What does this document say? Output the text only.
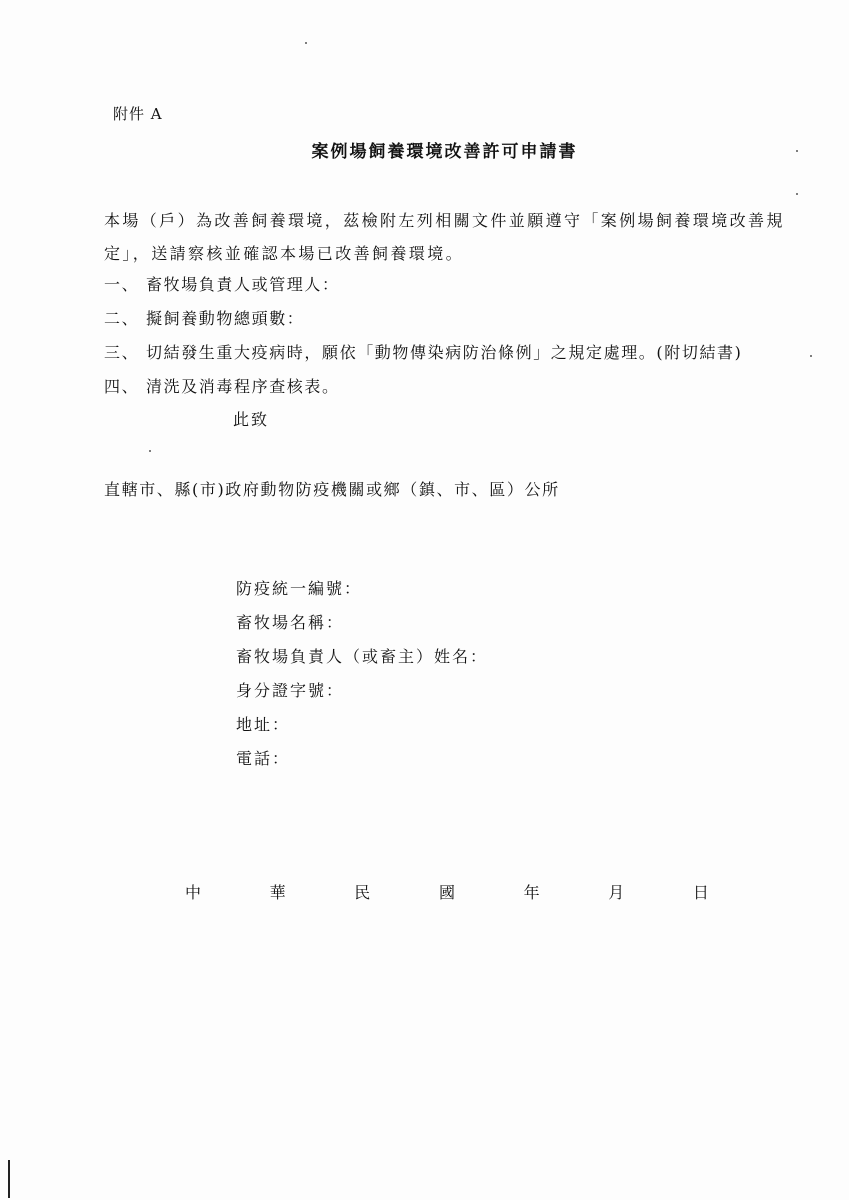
附件 A
案例場飼養環境改善許可申請書
本場（戶）為改善飼養環境，茲檢附左列相關文件並願遵守「案例場飼養環境改善規定」，送請察核並確認本場已改善飼養環境。
一、 畜牧場負責人或管理人：
二、 擬飼養動物總頭數：
三、 切結發生重大疫病時，願依「動物傳染病防治條例」之規定處理。(附切結書)
四、 清洗及消毒程序查核表。
此致
直轄市、縣(市)政府動物防疫機關或鄉（鎮、市、區）公所
防疫統一編號：
畜牧場名稱：
畜牧場負責人（或畜主）姓名：
身分證字號：
地址：
電話：
中	華	民	國	年	月	日
